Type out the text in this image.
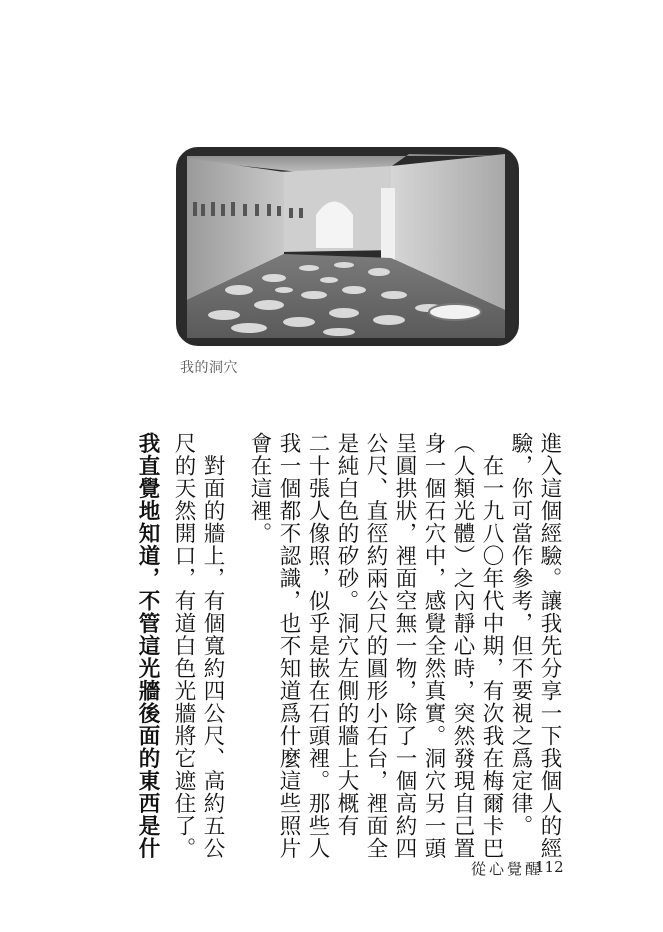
我的洞穴
進入這個經驗。讓我先分享一下我個人的經
驗，你可當作參考，但不要視之爲定律。
　在一九八〇年代中期，有次我在梅爾卡巴
（人類光體）之內靜心時，突然發現自己置
身一個石穴中，感覺全然真實。洞穴另一頭
呈圓拱狀，裡面空無一物，除了一個高約四
公尺、直徑約兩公尺的圓形小石台，裡面全
是純白色的矽砂。洞穴左側的牆上大概有
二十張人像照，似乎是嵌在石頭裡。那些人
我一個都不認識，也不知道爲什麼這些照片
會在這裡。
　對面的牆上，有個寬約四公尺、高約五公
尺的天然開口，有道白色光牆將它遮住了。
我直覺地知道，不管這光牆後面的東西是什
從心覺醒
112
